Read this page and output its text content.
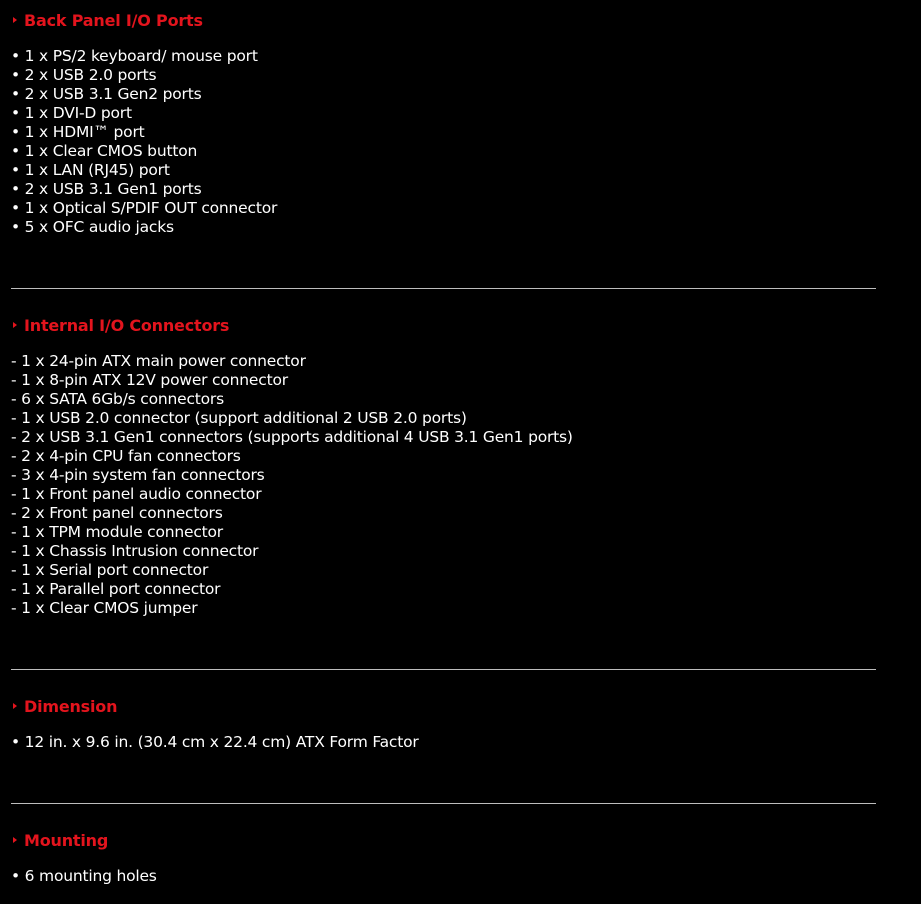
Back Panel I/O Ports
• 1 x PS/2 keyboard/ mouse port
• 2 x USB 2.0 ports
• 2 x USB 3.1 Gen2 ports
• 1 x DVI-D port
• 1 x HDMI™ port
• 1 x Clear CMOS button
• 1 x LAN (RJ45) port
• 2 x USB 3.1 Gen1 ports
• 1 x Optical S/PDIF OUT connector
• 5 x OFC audio jacks
Internal I/O Connectors
- 1 x 24-pin ATX main power connector
- 1 x 8-pin ATX 12V power connector
- 6 x SATA 6Gb/s connectors
- 1 x USB 2.0 connector (support additional 2 USB 2.0 ports)
- 2 x USB 3.1 Gen1 connectors (supports additional 4 USB 3.1 Gen1 ports)
- 2 x 4-pin CPU fan connectors
- 3 x 4-pin system fan connectors
- 1 x Front panel audio connector
- 2 x Front panel connectors
- 1 x TPM module connector
- 1 x Chassis Intrusion connector
- 1 x Serial port connector
- 1 x Parallel port connector
- 1 x Clear CMOS jumper
Dimension
• 12 in. x 9.6 in. (30.4 cm x 22.4 cm) ATX Form Factor
Mounting
• 6 mounting holes
